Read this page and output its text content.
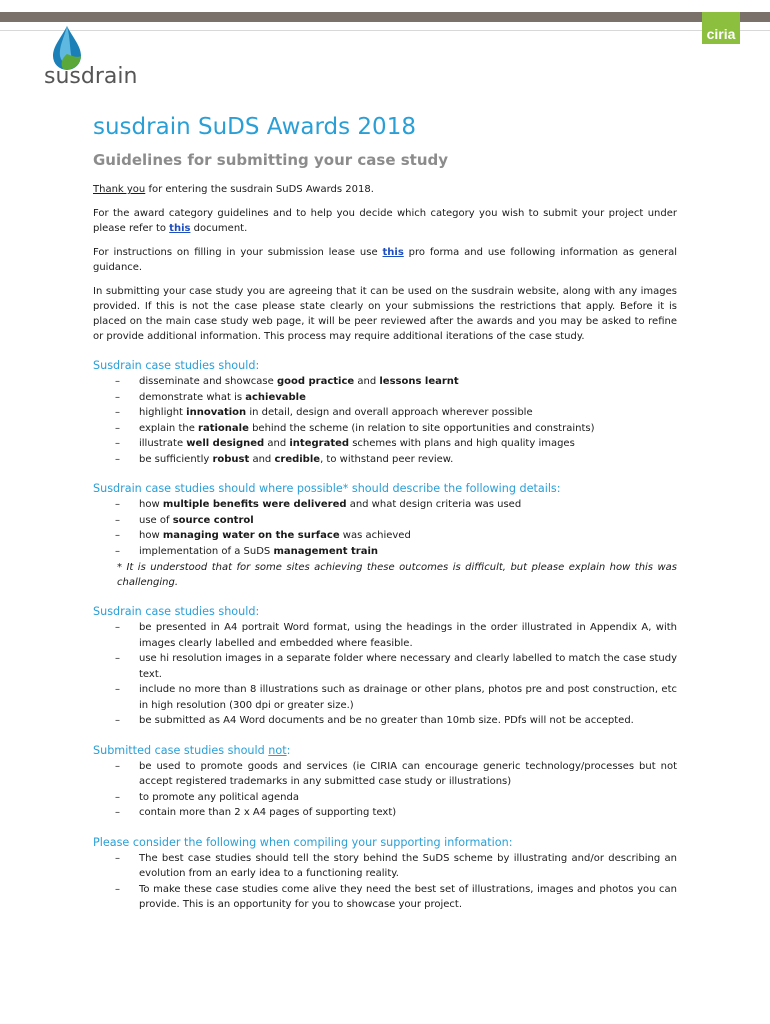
ciria
susdrain
susdrain SuDS Awards 2018
Guidelines for submitting your case study

Thank you for entering the susdrain SuDS Awards 2018.

For the award category guidelines and to help you decide which category you wish to submit your project under please refer to this document.

For instructions on filling in your submission lease use this pro forma and use following information as general guidance.

In submitting your case study you are agreeing that it can be used on the susdrain website, along with any images provided. If this is not the case please state clearly on your submissions the restrictions that apply. Before it is placed on the main case study web page, it will be peer reviewed after the awards and you may be asked to refine or provide additional information. This process may require additional iterations of the case study.

Susdrain case studies should:
– disseminate and showcase good practice and lessons learnt
– demonstrate what is achievable
– highlight innovation in detail, design and overall approach wherever possible
– explain the rationale behind the scheme (in relation to site opportunities and constraints)
– illustrate well designed and integrated schemes with plans and high quality images
– be sufficiently robust and credible, to withstand peer review.
Susdrain case studies should where possible* should describe the following details:
– how multiple benefits were delivered and what design criteria was used
– use of source control
– how managing water on the surface was achieved
– implementation of a SuDS management train
* It is understood that for some sites achieving these outcomes is difficult, but please explain how this was challenging.
Susdrain case studies should:
– be presented in A4 portrait Word format, using the headings in the order illustrated in Appendix A, with images clearly labelled and embedded where feasible.
– use hi resolution images in a separate folder where necessary and clearly labelled to match the case study text.
– include no more than 8 illustrations such as drainage or other plans, photos pre and post construction, etc in high resolution (300 dpi or greater size.)
– be submitted as A4 Word documents and be no greater than 10mb size. PDfs will not be accepted.
Submitted case studies should not:
– be used to promote goods and services (ie CIRIA can encourage generic technology/processes but not accept registered trademarks in any submitted case study or illustrations)
– to promote any political agenda
– contain more than 2 x A4 pages of supporting text)
Please consider the following when compiling your supporting information:
– The best case studies should tell the story behind the SuDS scheme by illustrating and/or describing an evolution from an early idea to a functioning reality.
– To make these case studies come alive they need the best set of illustrations, images and photos you can provide. This is an opportunity for you to showcase your project.
